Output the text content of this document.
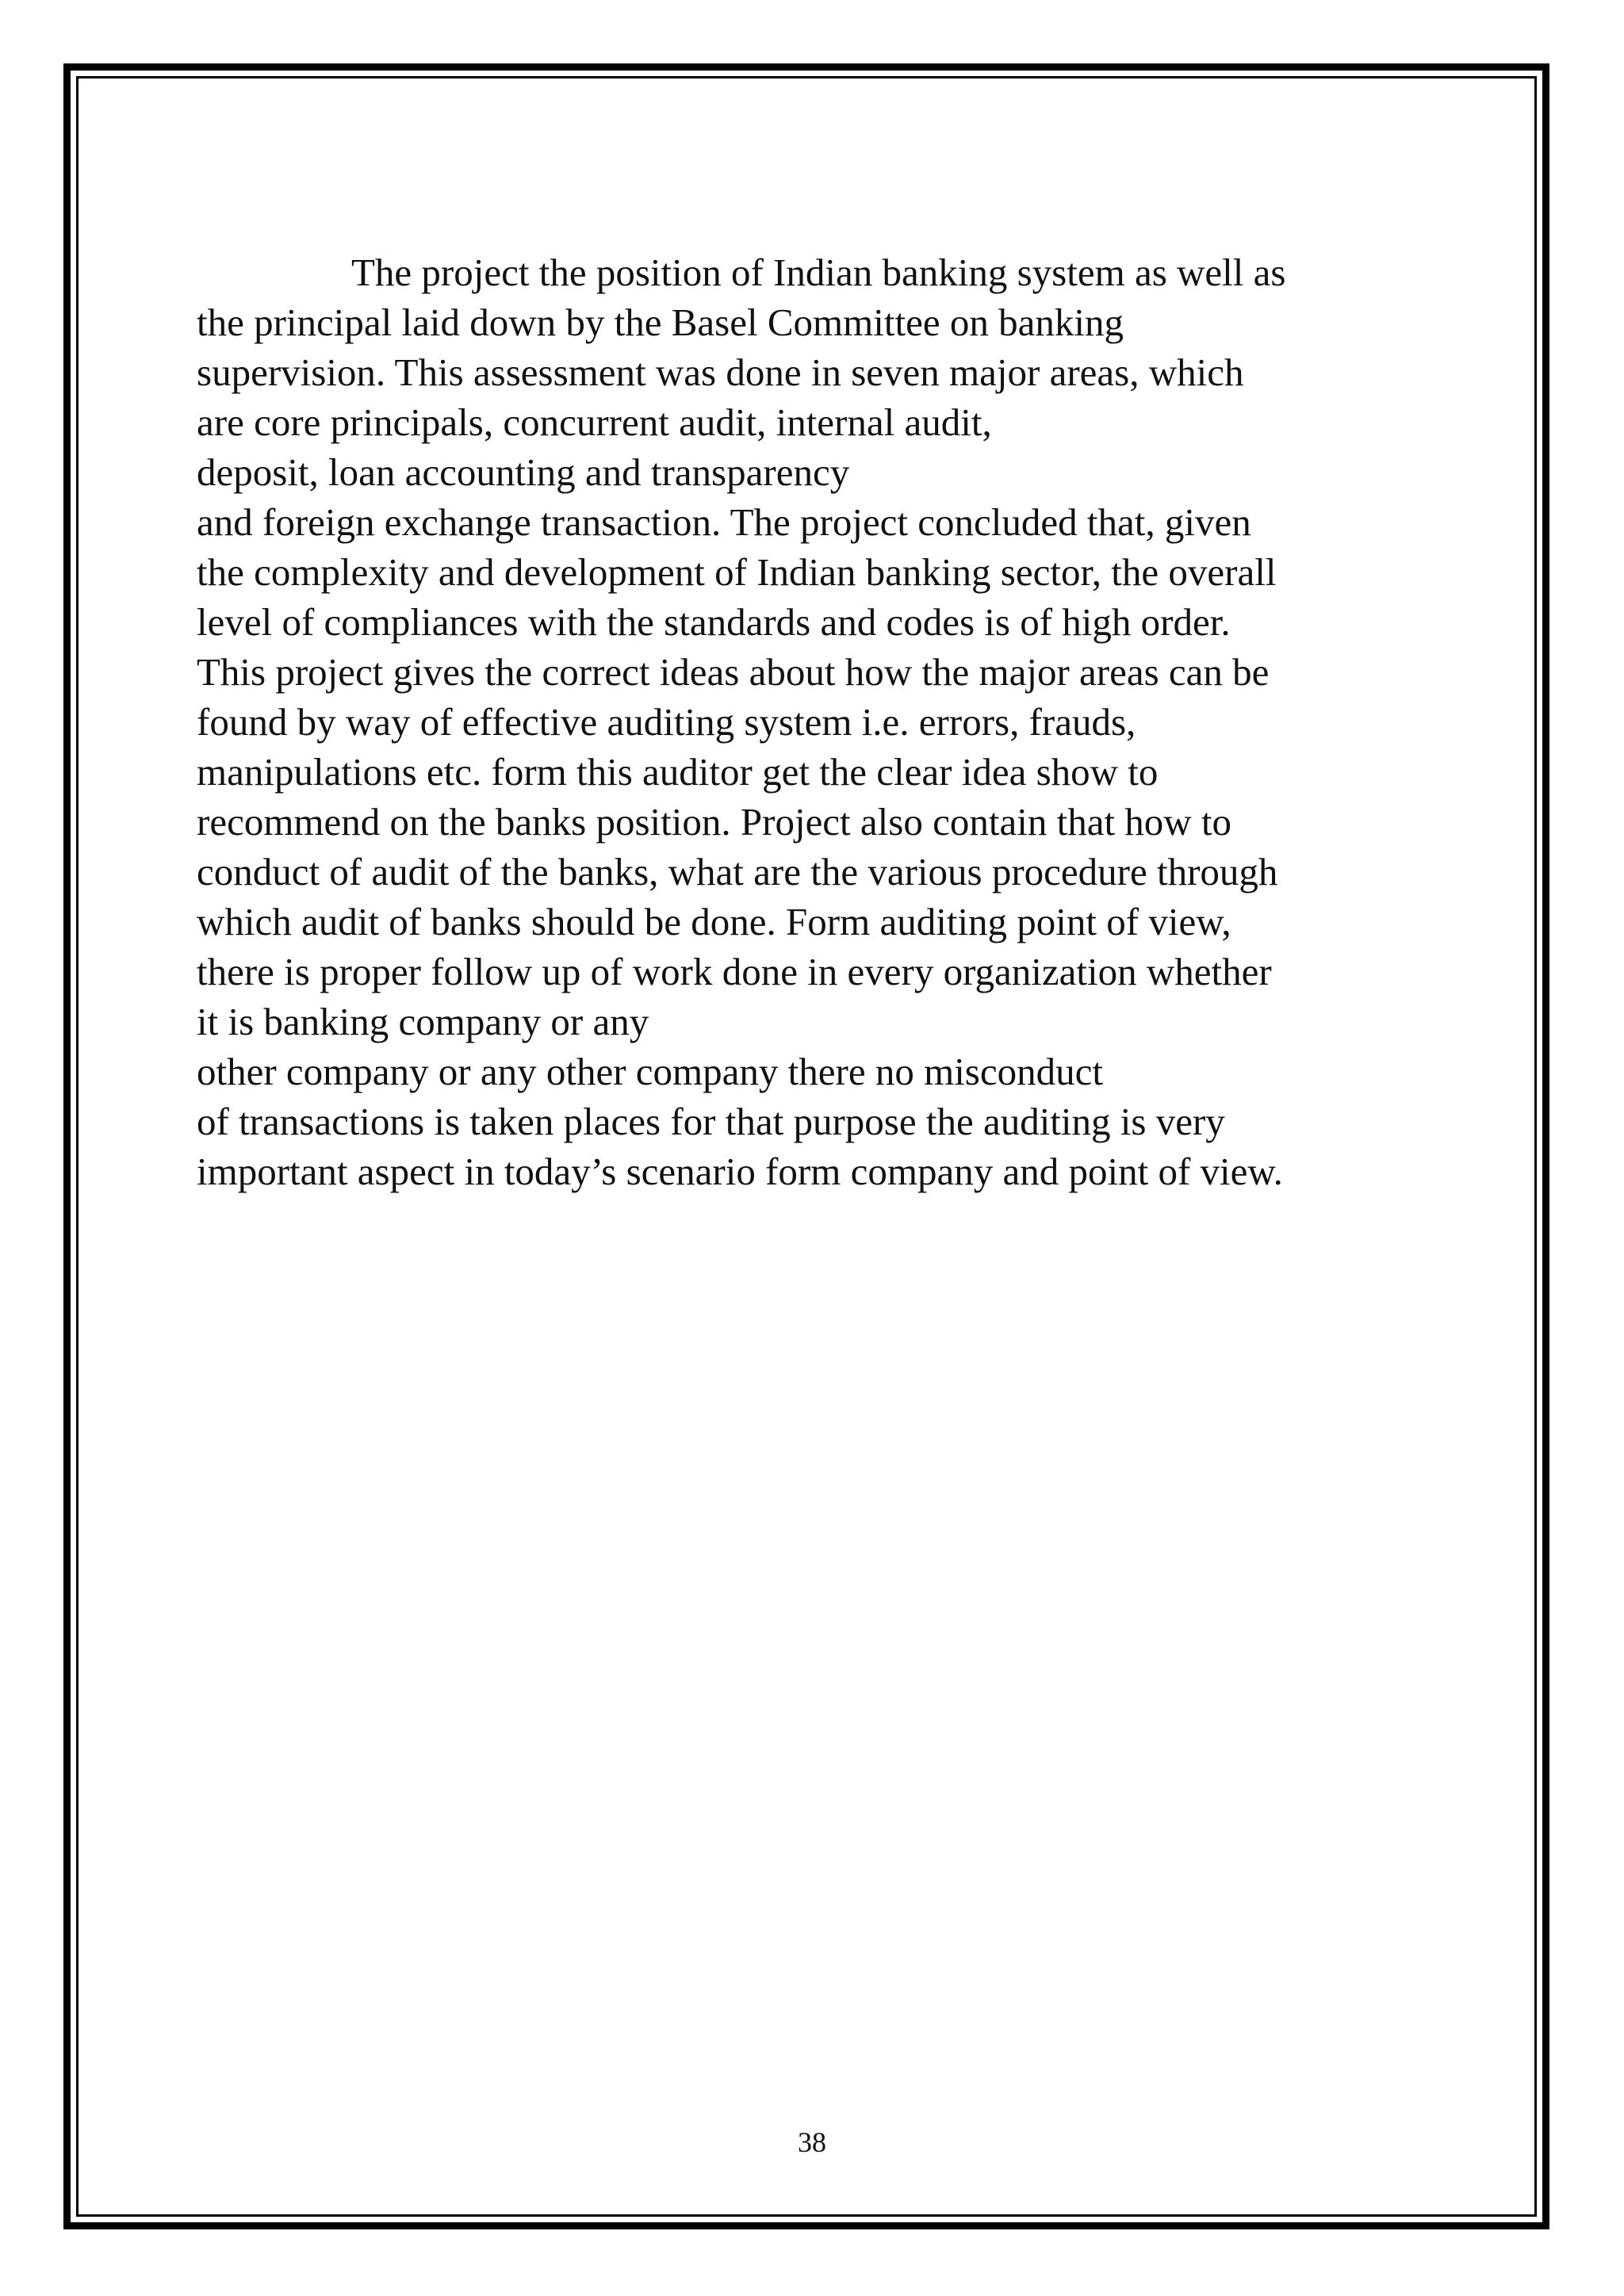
The project the position of Indian banking system as well as
the principal laid down by the Basel Committee on banking
supervision. This assessment was done in seven major areas, which
are core principals, concurrent audit, internal audit,
deposit, loan accounting and transparency
and foreign exchange transaction. The project concluded that, given
the complexity and development of Indian banking sector, the overall
level of compliances with the standards and codes is of high order.
This project gives the correct ideas about how the major areas can be
found by way of effective auditing system i.e. errors, frauds,
manipulations etc. form this auditor get the clear idea show to
recommend on the banks position. Project also contain that how to
conduct of audit of the banks, what are the various procedure through
which audit of banks should be done. Form auditing point of view,
there is proper follow up of work done in every organization whether
it is banking company or any
other company or any other company there no misconduct
of transactions is taken places for that purpose the auditing is very
important aspect in today’s scenario form company and point of view.
38
